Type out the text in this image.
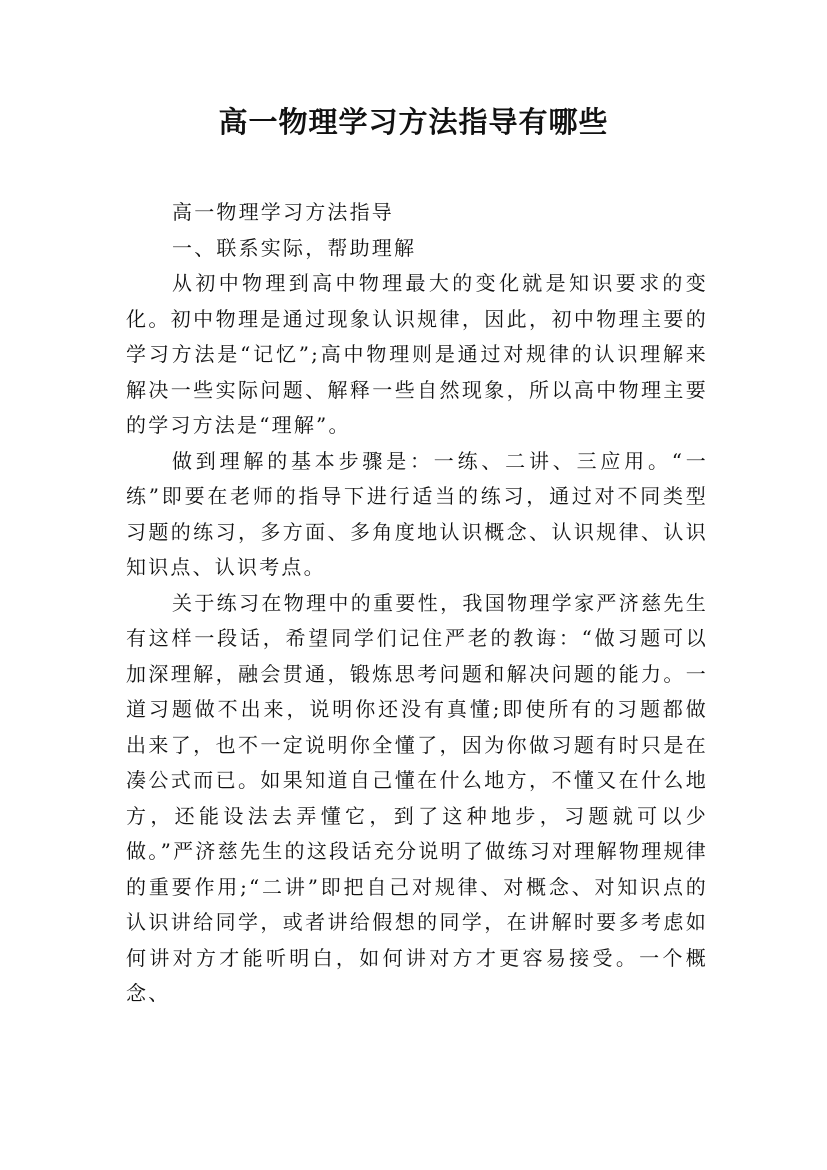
高一物理学习方法指导有哪些

高一物理学习方法指导

一、联系实际，帮助理解

从初中物理到高中物理最大的变化就是知识要求的变化。初中物理是通过现象认识规律，因此，初中物理主要的学习方法是“记忆”;高中物理则是通过对规律的认识理解来解决一些实际问题、解释一些自然现象，所以高中物理主要的学习方法是“理解”。

做到理解的基本步骤是：一练、二讲、三应用。“一练”即要在老师的指导下进行适当的练习，通过对不同类型习题的练习，多方面、多角度地认识概念、认识规律、认识知识点、认识考点。

关于练习在物理中的重要性，我国物理学家严济慈先生有这样一段话，希望同学们记住严老的教诲：“做习题可以加深理解，融会贯通，锻炼思考问题和解决问题的能力。一道习题做不出来，说明你还没有真懂;即使所有的习题都做出来了，也不一定说明你全懂了，因为你做习题有时只是在凑公式而已。如果知道自己懂在什么地方，不懂又在什么地方，还能设法去弄懂它，到了这种地步，习题就可以少做。”严济慈先生的这段话充分说明了做练习对理解物理规律的重要作用;“二讲”即把自己对规律、对概念、对知识点的认识讲给同学，或者讲给假想的同学，在讲解时要多考虑如何讲对方才能听明白，如何讲对方才更容易接受。一个概念、
